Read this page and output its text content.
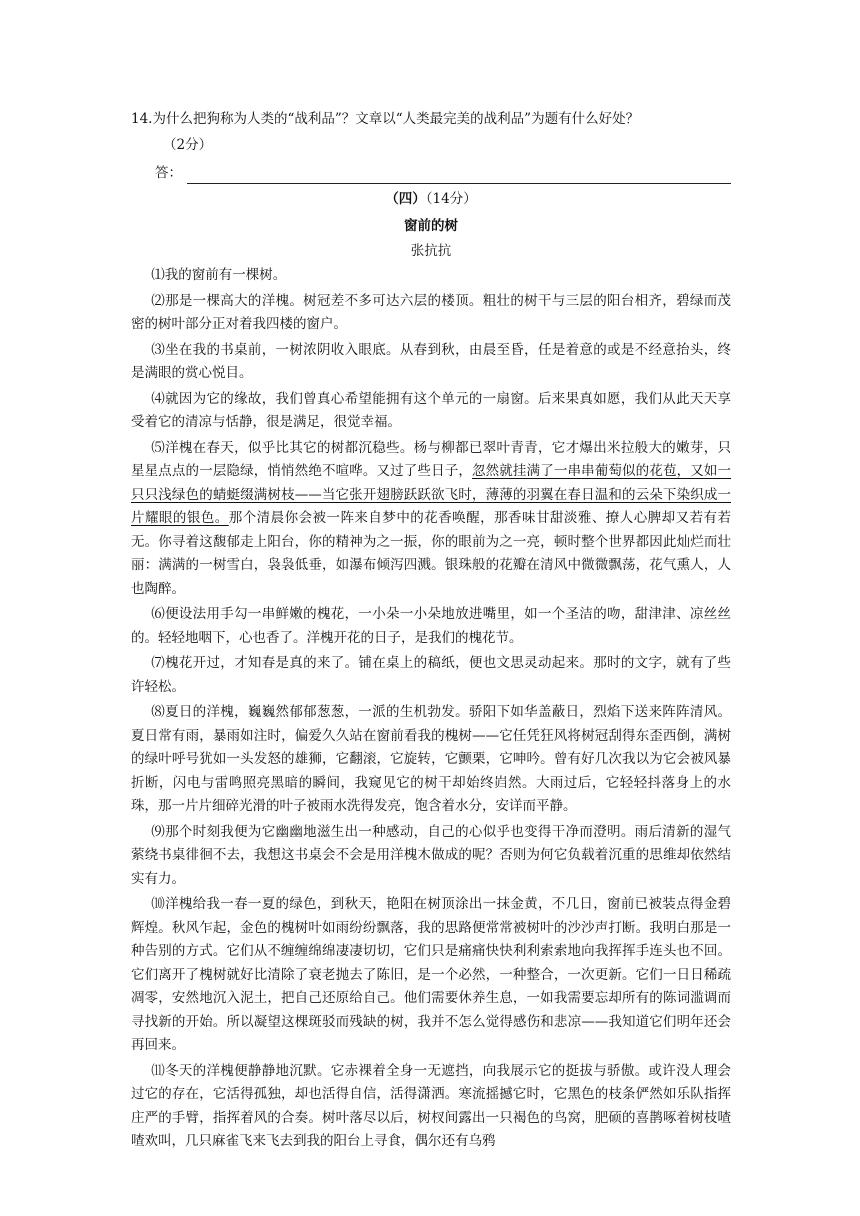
14.为什么把狗称为人类的“战利品”？文章以“人类最完美的战利品”为题有什么好处？

（2分）

答：
（四）（14分）
窗前的树
张抗抗

⑴我的窗前有一棵树。

⑵那是一棵高大的洋槐。树冠差不多可达六层的楼顶。粗壮的树干与三层的阳台相齐，碧绿而茂密的树叶部分正对着我四楼的窗户。

⑶坐在我的书桌前，一树浓阴收入眼底。从春到秋，由晨至昏，任是着意的或是不经意抬头，终是满眼的赏心悦目。

⑷就因为它的缘故，我们曾真心希望能拥有这个单元的一扇窗。后来果真如愿，我们从此天天享受着它的清凉与恬静，很是满足，很觉幸福。

⑸洋槐在春天，似乎比其它的树都沉稳些。杨与柳都已翠叶青青，它才爆出米拉般大的嫩芽，只星星点点的一层隐绿，悄悄然绝不喧哗。又过了些日子，忽然就挂满了一串串葡萄似的花苞，又如一只只浅绿色的蜻蜓缀满树枝——当它张开翅膀跃跃欲飞时，薄薄的羽翼在春日温和的云朵下染织成一片耀眼的银色。那个清晨你会被一阵来自梦中的花香唤醒，那香味甘甜淡雅、撩人心脾却又若有若无。你寻着这馥郁走上阳台，你的精神为之一振，你的眼前为之一亮，顿时整个世界都因此灿烂而壮丽：满满的一树雪白，袅袅低垂，如瀑布倾泻四溅。银珠般的花瓣在清风中微微飘荡，花气熏人，人也陶醉。

⑹便设法用手勾一串鲜嫩的槐花，一小朵一小朵地放进嘴里，如一个圣洁的吻，甜津津、凉丝丝的。轻轻地咽下，心也香了。洋槐开花的日子，是我们的槐花节。

⑺槐花开过，才知春是真的来了。铺在桌上的稿纸，便也文思灵动起来。那时的文字，就有了些许轻松。

⑻夏日的洋槐，巍巍然郁郁葱葱，一派的生机勃发。骄阳下如华盖蔽日，烈焰下送来阵阵清风。夏日常有雨，暴雨如注时，偏爱久久站在窗前看我的槐树——它任凭狂风将树冠刮得东歪西倒，满树的绿叶呼号犹如一头发怒的雄狮，它翻滚，它旋转，它颤栗，它呻吟。曾有好几次我以为它会被风暴折断，闪电与雷鸣照亮黑暗的瞬间，我窥见它的树干却始终岿然。大雨过后，它轻轻抖落身上的水珠，那一片片细碎光滑的叶子被雨水洗得发亮，饱含着水分，安详而平静。

⑼那个时刻我便为它幽幽地滋生出一种感动，自己的心似乎也变得干净而澄明。雨后清新的湿气萦绕书桌徘徊不去，我想这书桌会不会是用洋槐木做成的呢？否则为何它负载着沉重的思维却依然结实有力。

⑽洋槐给我一春一夏的绿色，到秋天，艳阳在树顶涂出一抹金黄，不几日，窗前已被装点得金碧辉煌。秋风乍起，金色的槐树叶如雨纷纷飘落，我的思路便常常被树叶的沙沙声打断。我明白那是一种告别的方式。它们从不缠缠绵绵凄凄切切，它们只是痛痛快快利利索索地向我挥挥手连头也不回。它们离开了槐树就好比清除了衰老抛去了陈旧，是一个必然，一种整合，一次更新。它们一日日稀疏凋零，安然地沉入泥土，把自己还原给自己。他们需要休养生息，一如我需要忘却所有的陈词滥调而寻找新的开始。所以凝望这棵斑驳而残缺的树，我并不怎么觉得感伤和悲凉——我知道它们明年还会再回来。

⑾冬天的洋槐便静静地沉默。它赤裸着全身一无遮挡，向我展示它的挺拔与骄傲。或许没人理会过它的存在，它活得孤独，却也活得自信，活得潇洒。寒流摇撼它时，它黑色的枝条俨然如乐队指挥庄严的手臂，指挥着风的合奏。树叶落尽以后，树杈间露出一只褐色的鸟窝，肥硕的喜鹊啄着树枝喳喳欢叫，几只麻雀飞来飞去到我的阳台上寻食，偶尔还有乌鸦
